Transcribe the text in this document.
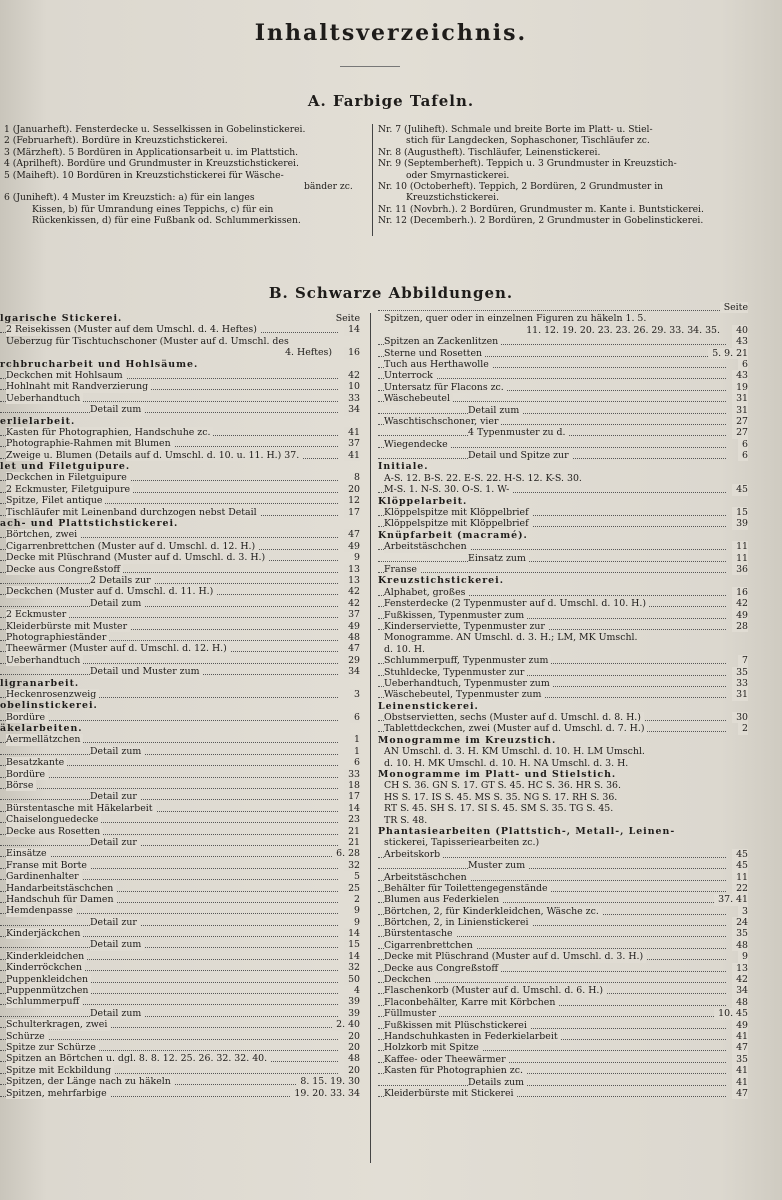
Inhaltsverzeichnis.
A. Farbige Tafeln.
1 (Januarheft). Fensterdecke u. Sesselkissen in Gobelinstickerei.
2 (Februarheft). Bordüre in Kreuzstichstickerei.
3 (Märzheft). 5 Bordüren in Applicationsarbeit u. im Plattstich.
4 (Aprilheft). Bordüre und Grundmuster in Kreuzstichstickerei.
5 (Maiheft). 10 Bordüren in Kreuzstichstickerei für Wäsche-
bänder zc.
6 (Juniheft). 4 Muster im Kreuzstich: a) für ein langes
Kissen, b) für Umrandung eines Teppichs, c) für ein
Rückenkissen, d) für eine Fußbank od. Schlummerkissen.
Nr. 7 (Juliheft). Schmale und breite Borte im Platt- u. Stiel-
stich für Langdecken, Sophaschoner, Tischläufer zc.
Nr. 8 (Augustheft). Tischläufer, Leinenstickerei.
Nr. 9 (Septemberheft). Teppich u. 3 Grundmuster in Kreuzstich-
oder Smyrnastickerei.
Nr. 10 (Octoberheft). Teppich, 2 Bordüren, 2 Grundmuster in
Kreuzstichstickerei.
Nr. 11 (Novbrh.). 2 Bordüren, Grundmuster m. Kante i. Buntstickerei.
Nr. 12 (Decemberh.). 2 Bordüren, 2 Grundmuster in Gobelinstickerei.
B. Schwarze Abbildungen.
lgarische Stickerei.	Seite
2 Reisekissen (Muster auf dem Umschl. d. 4. Heftes)	14
Ueberzug für Tischtuchschoner (Muster auf d. Umschl. des
4. Heftes)	16
rchbrucharbeit und Hohlsäume.
Deckchen mit Hohlsaum	42
Hohlnaht mit Randverzierung	10
Ueberhandtuch	33
Detail zum	34
erlielarbeit.
Kasten für Photographien, Handschuhe zc.	41
Photographie-Rahmen mit Blumen	37
Zweige u. Blumen (Details auf d. Umschl. d. 10. u. 11. H.) 37.	41
let und Filetguipure.
Deckchen in Filetguipure	8
2 Eckmuster, Filetguipure	20
Spitze, Filet antique	12
Tischläufer mit Leinenband durchzogen nebst Detail	17
ach- und Plattstichstickerei.
Börtchen, zwei	47
Cigarrenbrettchen (Muster auf d. Umschl. d. 12. H.)	49
Decke mit Plüschrand (Muster auf d. Umschl. d. 3. H.)	9
Decke aus Congreßstoff	13
2 Details zur	13
Deckchen (Muster auf d. Umschl. d. 11. H.)	42
Detail zum	42
2 Eckmuster	37
Kleiderbürste mit Muster	49
Photographieständer	48
Theewärmer (Muster auf d. Umschl. d. 12. H.)	47
Ueberhandtuch	29
Detail und Muster zum	34
ligranarbeit.
Heckenrosenzweig	3
obelinstickerei.
Bordüre	6
äkelarbeiten.
Aermellätzchen	1
Detail zum	1
Besatzkante	6
Bordüre	33
Börse	18
Detail zur	17
Bürstentasche mit Häkelarbeit	14
Chaiselonguedecke	23
Decke aus Rosetten	21
Detail zur	21
Einsätze	6. 28
Franse mit Borte	32
Gardinenhalter	5
Handarbeitstäschchen	25
Handschuh für Damen	2
Hemdenpasse	9
Detail zur	9
Kinderjäckchen	14
Detail zum	15
Kinderkleidchen	14
Kinderröckchen	32
Puppenkleidchen	50
Puppenmützchen	4
Schlummerpuff	39
Detail zum	39
Schulterkragen, zwei	2. 40
Schürze	20
Spitze zur Schürze	20
Spitzen an Börtchen u. dgl. 8. 8. 12. 25. 26. 32. 32. 40.	48
Spitze mit Eckbildung	20
Spitzen, der Länge nach zu häkeln	8. 15. 19. 30
Spitzen, mehrfarbige	19. 20. 33. 34
Seite
Spitzen, quer oder in einzelnen Figuren zu häkeln 1. 5.
11. 12. 19. 20. 23. 23. 26. 29. 33. 34. 35.	40
Spitzen an Zackenlitzen	43
Sterne und Rosetten	5. 9. 21
Tuch aus Herthawolle	6
Unterrock	43
Untersatz für Flacons zc.	19
Wäschebeutel	31
Detail zum	31
Waschtischschoner, vier	27
4 Typenmuster zu d.	27
Wiegendecke	6
Detail und Spitze zur	6
Initiale.
A-S. 12. B-S. 22. E-S. 22. H-S. 12. K-S. 30.
M-S. 1. N-S. 30. O-S. 1. W-	45
Klöppelarbeit.
Klöppelspitze mit Klöppelbrief	15
Klöppelspitze mit Klöppelbrief	39
Knüpfarbeit (macramé).
Arbeitstäschchen	11
Einsatz zum	11
Franse	36
Kreuzstichstickerei.
Alphabet, großes	16
Fensterdecke (2 Typenmuster auf d. Umschl. d. 10. H.)	42
Fußkissen, Typenmuster zum	49
Kinderserviette, Typenmuster zur	28
Monogramme. AN Umschl. d. 3. H.; LM, MK Umschl.
d. 10. H.
Schlummerpuff, Typenmuster zum	7
Stuhldecke, Typenmuster zur	35
Ueberhandtuch, Typenmuster zum	33
Wäschebeutel, Typenmuster zum	31
Leinenstickerei.
Obstservietten, sechs (Muster auf d. Umschl. d. 8. H.)	30
Tablettdeckchen, zwei (Muster auf d. Umschl. d. 7. H.)	2
Monogramme im Kreuzstich.
AN Umschl. d. 3. H. KM Umschl. d. 10. H. LM Umschl.
d. 10. H. MK Umschl. d. 10. H. NA Umschl. d. 3. H.
Monogramme im Platt- und Stielstich.
CH S. 36. GN S. 17. GT S. 45. HC S. 36. HR S. 36.
HS S. 17. IS S. 45. MS S. 35. NG S. 17. RH S. 36.
RT S. 45. SH S. 17. SI S. 45. SM S. 35. TG S. 45.
TR S. 48.
Phantasiearbeiten (Plattstich-, Metall-, Leinen-
stickerei, Tapisseriearbeiten zc.)
Arbeitskorb	45
Muster zum	45
Arbeitstäschchen	11
Behälter für Toilettengegenstände	22
Blumen aus Federkielen	37. 41
Börtchen, 2, für Kinderkleidchen, Wäsche zc.	3
Börtchen, 2, in Linienstickerei	24
Bürstentasche	35
Cigarrenbrettchen	48
Decke mit Plüschrand (Muster auf d. Umschl. d. 3. H.)	9
Decke aus Congreßstoff	13
Deckchen	42
Flaschenkorb (Muster auf d. Umschl. d. 6. H.)	34
Flaconbehälter, Karre mit Körbchen	48
Füllmuster	10. 45
Fußkissen mit Plüschstickerei	49
Handschuhkasten in Federkielarbeit	41
Holzkorb mit Spitze	47
Kaffee- oder Theewärmer	35
Kasten für Photographien zc.	41
Details zum	41
Kleiderbürste mit Stickerei	47
